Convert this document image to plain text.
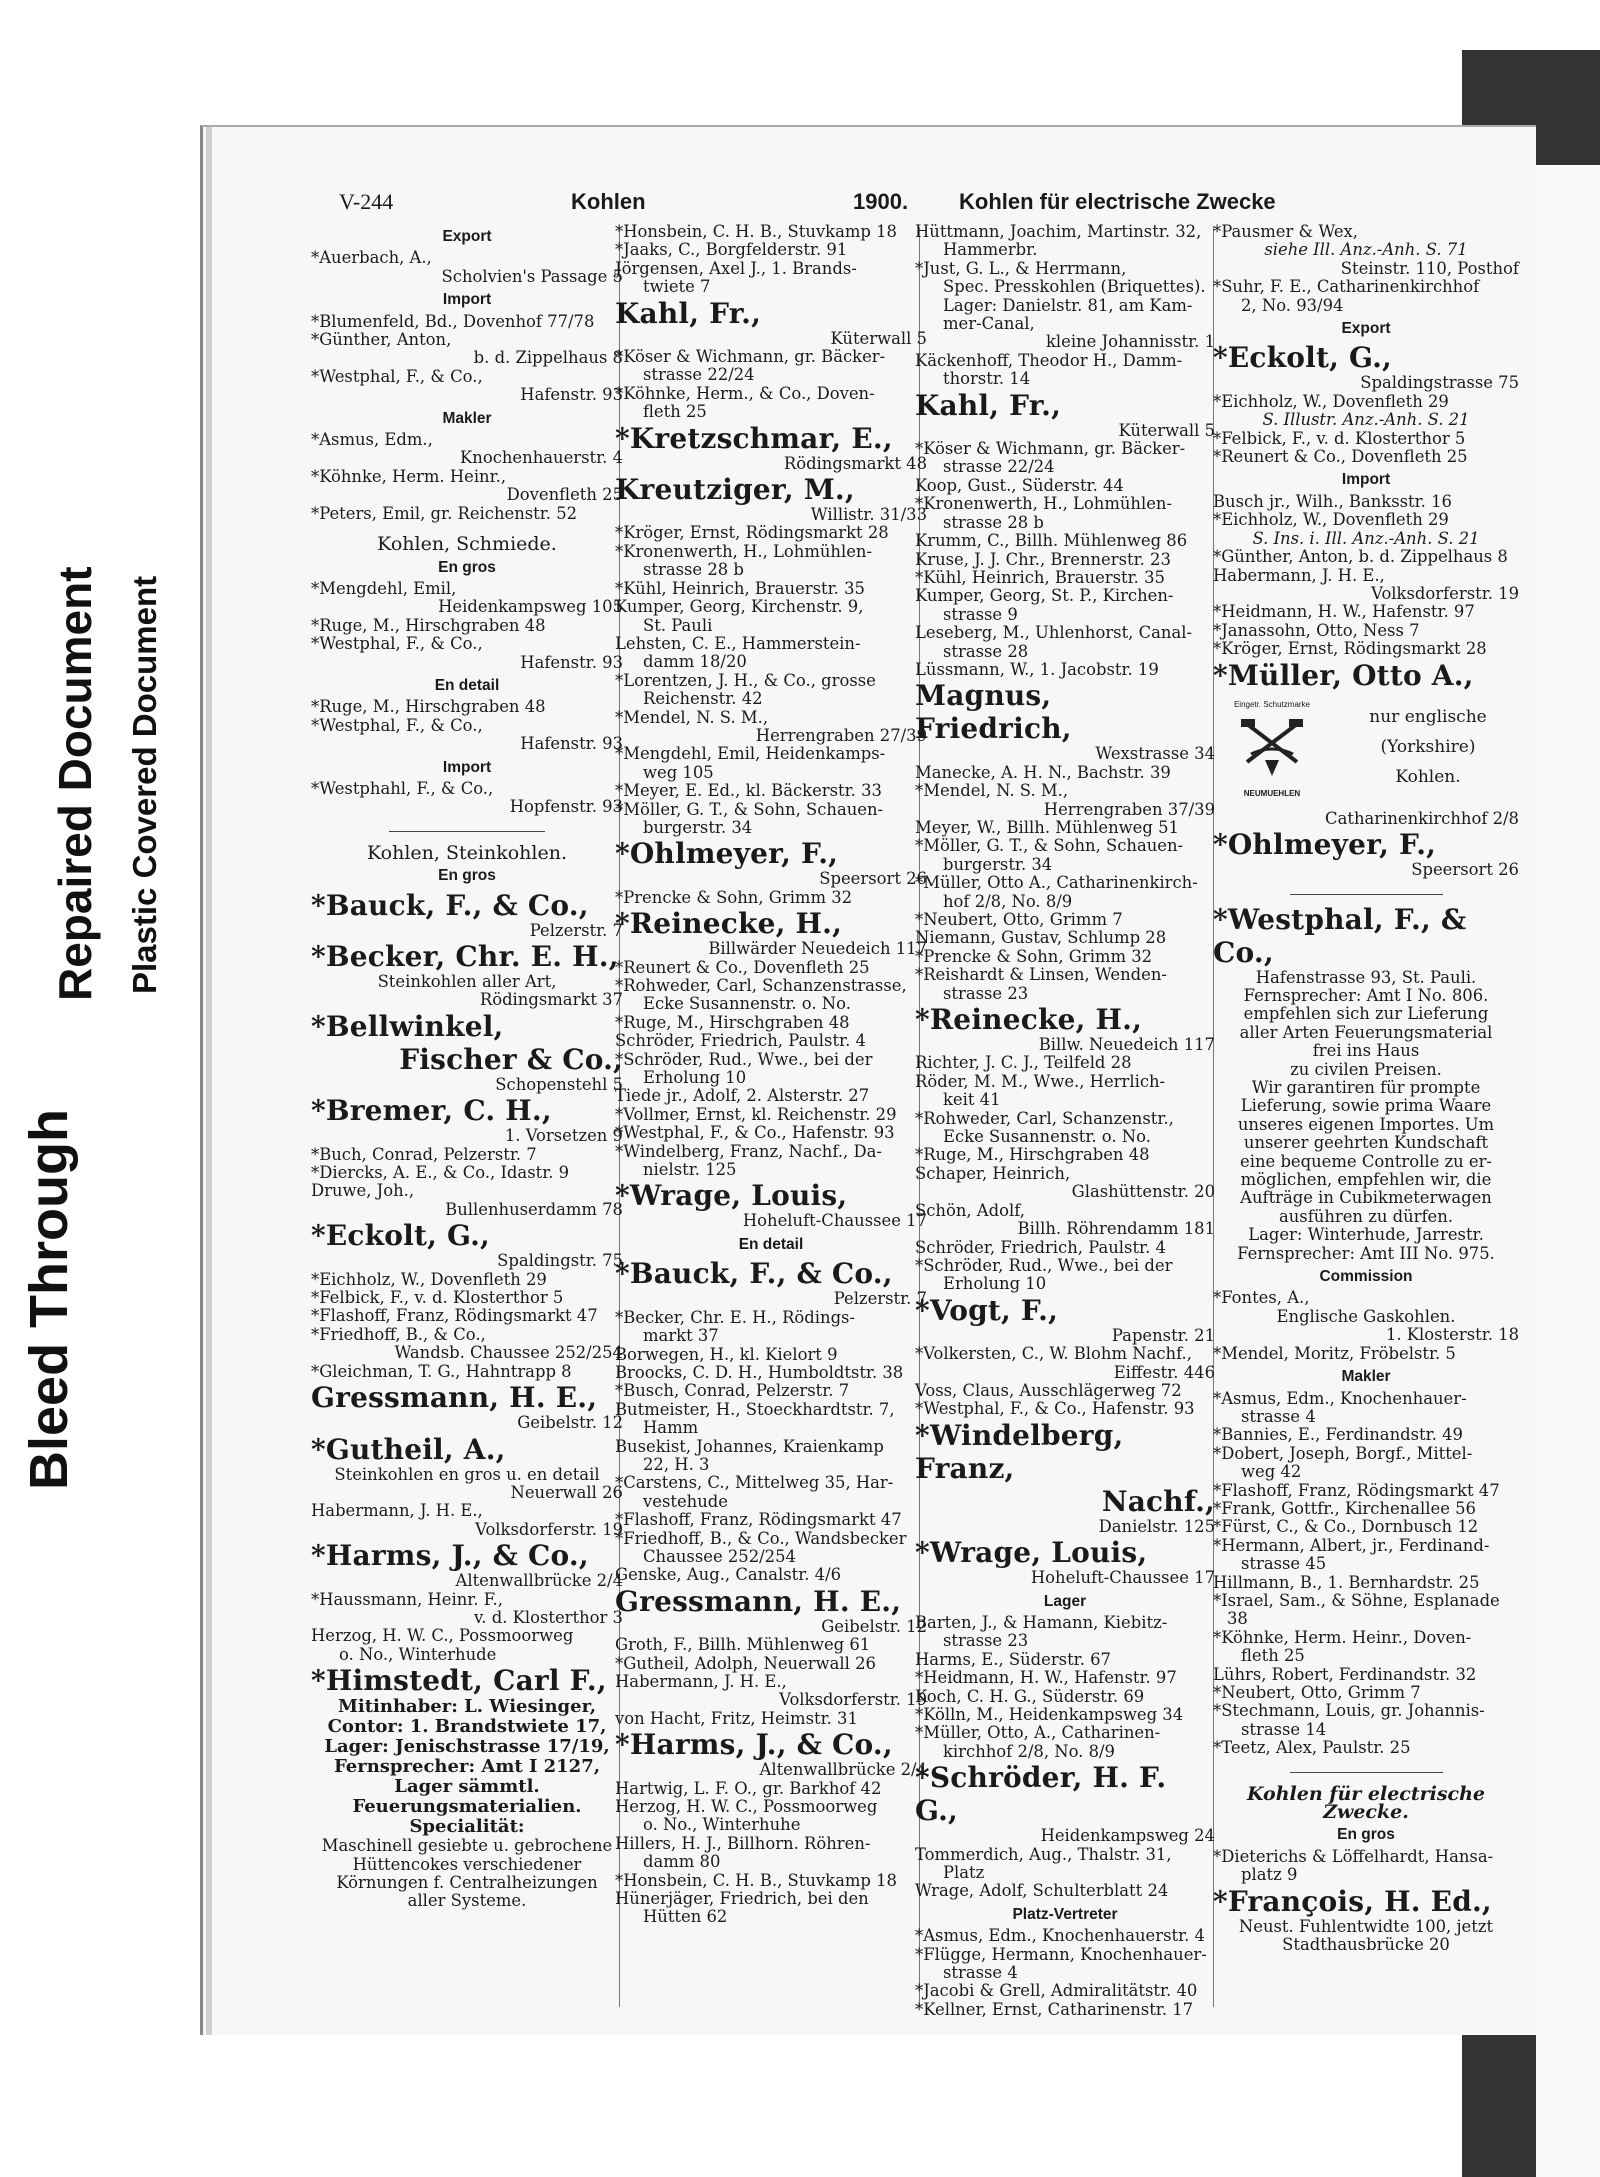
Bleed Through
Repaired Document Plastic Covered Document
V-244	Kohlen	1900. Kohlen für electrische Zwecke
Export
*Auerbach, A.,
Scholvien's Passage 5
Import
*Blumenfeld, Bd., Dovenhof 77/78
*Günther, Anton,
b. d. Zippelhaus 8
*Westphal, F., & Co.,
Hafenstr. 93
Makler
*Asmus, Edm.,
Knochenhauerstr. 4
*Köhnke, Herm. Heinr.,
Dovenfleth 25
*Peters, Emil, gr. Reichenstr. 52
Kohlen, Schmiede.
En gros
*Mengdehl, Emil,
Heidenkampsweg 105
*Ruge, M., Hirschgraben 48
*Westphal, F., & Co.,
Hafenstr. 93
En detail
*Ruge, M., Hirschgraben 48
*Westphal, F., & Co.,
Hafenstr. 93
Import
*Westphahl, F., & Co.,
Hopfenstr. 93
Kohlen, Steinkohlen.
En gros
*Bauck, F., & Co.,
Pelzerstr. 7
*Becker, Chr. E. H.,
Steinkohlen aller Art,
Rödingsmarkt 37
*Bellwinkel,
Fischer & Co.,
Schopenstehl 5
*Bremer, C. H.,
1. Vorsetzen 9
*Buch, Conrad, Pelzerstr. 7
*Diercks, A. E., & Co., Idastr. 9
Druwe, Joh.,
Bullenhuserdamm 78
*Eckolt, G.,
Spaldingstr. 75
*Eichholz, W., Dovenfleth 29
*Felbick, F., v. d. Klosterthor 5
*Flashoff, Franz, Rödingsmarkt 47
*Friedhoff, B., & Co.,
Wandsb. Chaussee 252/254
*Gleichman, T. G., Hahntrapp 8
Gressmann, H. E.,
Geibelstr. 12
*Gutheil, A.,
Steinkohlen en gros u. en detail
Neuerwall 26
Habermann, J. H. E.,
Volksdorferstr. 19
*Harms, J., & Co.,
Altenwallbrücke 2/4
*Haussmann, Heinr. F.,
v. d. Klosterthor 3
Herzog, H. W. C., Possmoorweg
o. No., Winterhude
*Himstedt, Carl F.,
Mitinhaber: L. Wiesinger,
Contor: 1. Brandstwiete 17,
Lager: Jenischstrasse 17/19,
Fernsprecher: Amt I 2127,
Lager sämmtl.
Feuerungsmaterialien.
Specialität:
Maschinell gesiebte u. gebrochene
Hüttencokes verschiedener
Körnungen f. Centralheizungen
aller Systeme.
*Honsbein, C. H. B., Stuvkamp 18
*Jaaks, C., Borgfelderstr. 91
Jörgensen, Axel J., 1. Brands-
twiete 7
Kahl, Fr.,
Küterwall 5
*Köser & Wichmann, gr. Bäcker-
strasse 22/24
*Köhnke, Herm., & Co., Doven-
fleth 25
*Kretzschmar, E.,
Rödingsmarkt 48
Kreutziger, M.,
Willistr. 31/33
*Kröger, Ernst, Rödingsmarkt 28
*Kronenwerth, H., Lohmühlen-
strasse 28 b
*Kühl, Heinrich, Brauerstr. 35
Kumper, Georg, Kirchenstr. 9,
St. Pauli
Lehsten, C. E., Hammerstein-
damm 18/20
*Lorentzen, J. H., & Co., grosse
Reichenstr. 42
*Mendel, N. S. M.,
Herrengraben 27/39
*Mengdehl, Emil, Heidenkamps-
weg 105
*Meyer, E. Ed., kl. Bäckerstr. 33
*Möller, G. T., & Sohn, Schauen-
burgerstr. 34
*Ohlmeyer, F.,
Speersort 26
*Prencke & Sohn, Grimm 32
*Reinecke, H.,
Billwärder Neuedeich 117
*Reunert & Co., Dovenfleth 25
*Rohweder, Carl, Schanzenstrasse,
Ecke Susannenstr. o. No.
*Ruge, M., Hirschgraben 48
Schröder, Friedrich, Paulstr. 4
*Schröder, Rud., Wwe., bei der
Erholung 10
Tiede jr., Adolf, 2. Alsterstr. 27
*Vollmer, Ernst, kl. Reichenstr. 29
*Westphal, F., & Co., Hafenstr. 93
*Windelberg, Franz, Nachf., Da-
nielstr. 125
*Wrage, Louis,
Hoheluft-Chaussee 17
En detail
*Bauck, F., & Co.,
Pelzerstr. 7
*Becker, Chr. E. H., Rödings-
markt 37
Borwegen, H., kl. Kielort 9
Broocks, C. D. H., Humboldtstr. 38
*Busch, Conrad, Pelzerstr. 7
Butmeister, H., Stoeckhardtstr. 7,
Hamm
Busekist, Johannes, Kraienkamp
22, H. 3
*Carstens, C., Mittelweg 35, Har-
vestehude
*Flashoff, Franz, Rödingsmarkt 47
*Friedhoff, B., & Co., Wandsbecker
Chaussee 252/254
Genske, Aug., Canalstr. 4/6
Gressmann, H. E.,
Geibelstr. 12
Groth, F., Billh. Mühlenweg 61
*Gutheil, Adolph, Neuerwall 26
Habermann, J. H. E.,
Volksdorferstr. 19
von Hacht, Fritz, Heimstr. 31
*Harms, J., & Co.,
Altenwallbrücke 2/4
Hartwig, L. F. O., gr. Barkhof 42
Herzog, H. W. C., Possmoorweg
o. No., Winterhuhe
Hillers, H. J., Billhorn. Röhren-
damm 80
*Honsbein, C. H. B., Stuvkamp 18
Hünerjäger, Friedrich, bei den
Hütten 62
Hüttmann, Joachim, Martinstr. 32,
Hammerbr.
*Just, G. L., & Herrmann,
Spec. Presskohlen (Briquettes).
Lager: Danielstr. 81, am Kam-
mer-Canal,
kleine Johannisstr. 1
Käckenhoff, Theodor H., Damm-
thorstr. 14
Kahl, Fr.,
Küterwall 5
*Köser & Wichmann, gr. Bäcker-
strasse 22/24
Koop, Gust., Süderstr. 44
*Kronenwerth, H., Lohmühlen-
strasse 28 b
Krumm, C., Billh. Mühlenweg 86
Kruse, J. J. Chr., Brennerstr. 23
*Kühl, Heinrich, Brauerstr. 35
Kumper, Georg, St. P., Kirchen-
strasse 9
Leseberg, M., Uhlenhorst, Canal-
strasse 28
Lüssmann, W., 1. Jacobstr. 19
Magnus, Friedrich,
Wexstrasse 34
Manecke, A. H. N., Bachstr. 39
*Mendel, N. S. M.,
Herrengraben 37/39
Meyer, W., Billh. Mühlenweg 51
*Möller, G. T., & Sohn, Schauen-
burgerstr. 34
*Müller, Otto A., Catharinenkirch-
hof 2/8, No. 8/9
*Neubert, Otto, Grimm 7
Niemann, Gustav, Schlump 28
*Prencke & Sohn, Grimm 32
*Reishardt & Linsen, Wenden-
strasse 23
*Reinecke, H.,
Billw. Neuedeich 117
Richter, J. C. J., Teilfeld 28
Röder, M. M., Wwe., Herrlich-
keit 41
*Rohweder, Carl, Schanzenstr.,
Ecke Susannenstr. o. No.
*Ruge, M., Hirschgraben 48
Schaper, Heinrich,
Glashüttenstr. 20
Schön, Adolf,
Billh. Röhrendamm 181
Schröder, Friedrich, Paulstr. 4
*Schröder, Rud., Wwe., bei der
Erholung 10
*Vogt, F.,
Papenstr. 21
*Volkersten, C., W. Blohm Nachf.,
Eiffestr. 446
Voss, Claus, Ausschlägerweg 72
*Westphal, F., & Co., Hafenstr. 93
*Windelberg, Franz,
Nachf.,
Danielstr. 125
*Wrage, Louis,
Hoheluft-Chaussee 17
Lager
Barten, J., & Hamann, Kiebitz-
strasse 23
Harms, E., Süderstr. 67
*Heidmann, H. W., Hafenstr. 97
Koch, C. H. G., Süderstr. 69
*Kölln, M., Heidenkampsweg 34
*Müller, Otto, A., Catharinen-
kirchhof 2/8, No. 8/9
*Schröder, H. F. G.,
Heidenkampsweg 24
Tommerdich, Aug., Thalstr. 31,
Platz
Wrage, Adolf, Schulterblatt 24
Platz-Vertreter
*Asmus, Edm., Knochenhauerstr. 4
*Flügge, Hermann, Knochenhauer-
strasse 4
*Jacobi & Grell, Admiralitätstr. 40
*Kellner, Ernst, Catharinenstr. 17
*Pausmer & Wex,
siehe Ill. Anz.-Anh. S. 71
Steinstr. 110, Posthof
*Suhr, F. E., Catharinenkirchhof
2, No. 93/94
Export
*Eckolt, G.,
Spaldingstrasse 75
*Eichholz, W., Dovenfleth 29
S. Illustr. Anz.-Anh. S. 21
*Felbick, F., v. d. Klosterthor 5
*Reunert & Co., Dovenfleth 25
Import
Busch jr., Wilh., Banksstr. 16
*Eichholz, W., Dovenfleth 29
S. Ins. i. Ill. Anz.-Anh. S. 21
*Günther, Anton, b. d. Zippelhaus 8
Habermann, J. H. E.,
Volksdorferstr. 19
*Heidmann, H. W., Hafenstr. 97
*Janassohn, Otto, Ness 7
*Kröger, Ernst, Rödingsmarkt 28
*Müller, Otto A.,
Eingetr. Schutzmarke
NEUMUEHLEN
nur englische
(Yorkshire)
Kohlen.
Catharinenkirchhof 2/8
*Ohlmeyer, F.,
Speersort 26
*Westphal, F., & Co.,
Hafenstrasse 93, St. Pauli.
Fernsprecher: Amt I No. 806.
empfehlen sich zur Lieferung
aller Arten Feuerungsmaterial
frei ins Haus
zu civilen Preisen.
Wir garantiren für prompte
Lieferung, sowie prima Waare
unseres eigenen Importes. Um
unserer geehrten Kundschaft
eine bequeme Controlle zu er-
möglichen, empfehlen wir, die
Aufträge in Cubikmeterwagen
ausführen zu dürfen.
Lager: Winterhude, Jarrestr.
Fernsprecher: Amt III No. 975.
Commission
*Fontes, A.,
Englische Gaskohlen.
1. Klosterstr. 18
*Mendel, Moritz, Fröbelstr. 5
Makler
*Asmus, Edm., Knochenhauer-
strasse 4
*Bannies, E., Ferdinandstr. 49
*Dobert, Joseph, Borgf., Mittel-
weg 42
*Flashoff, Franz, Rödingsmarkt 47
*Frank, Gottfr., Kirchenallee 56
*Fürst, C., & Co., Dornbusch 12
*Hermann, Albert, jr., Ferdinand-
strasse 45
Hillmann, B., 1. Bernhardstr. 25
*Israel, Sam., & Söhne, Esplanade 38
*Köhnke, Herm. Heinr., Doven-
fleth 25
Lührs, Robert, Ferdinandstr. 32
*Neubert, Otto, Grimm 7
*Stechmann, Louis, gr. Johannis-
strasse 14
*Teetz, Alex, Paulstr. 25
Kohlen für electrische Zwecke.
En gros
*Dieterichs & Löffelhardt, Hansa-
platz 9
*François, H. Ed.,
Neust. Fuhlentwidte 100, jetzt
Stadthausbrücke 20
